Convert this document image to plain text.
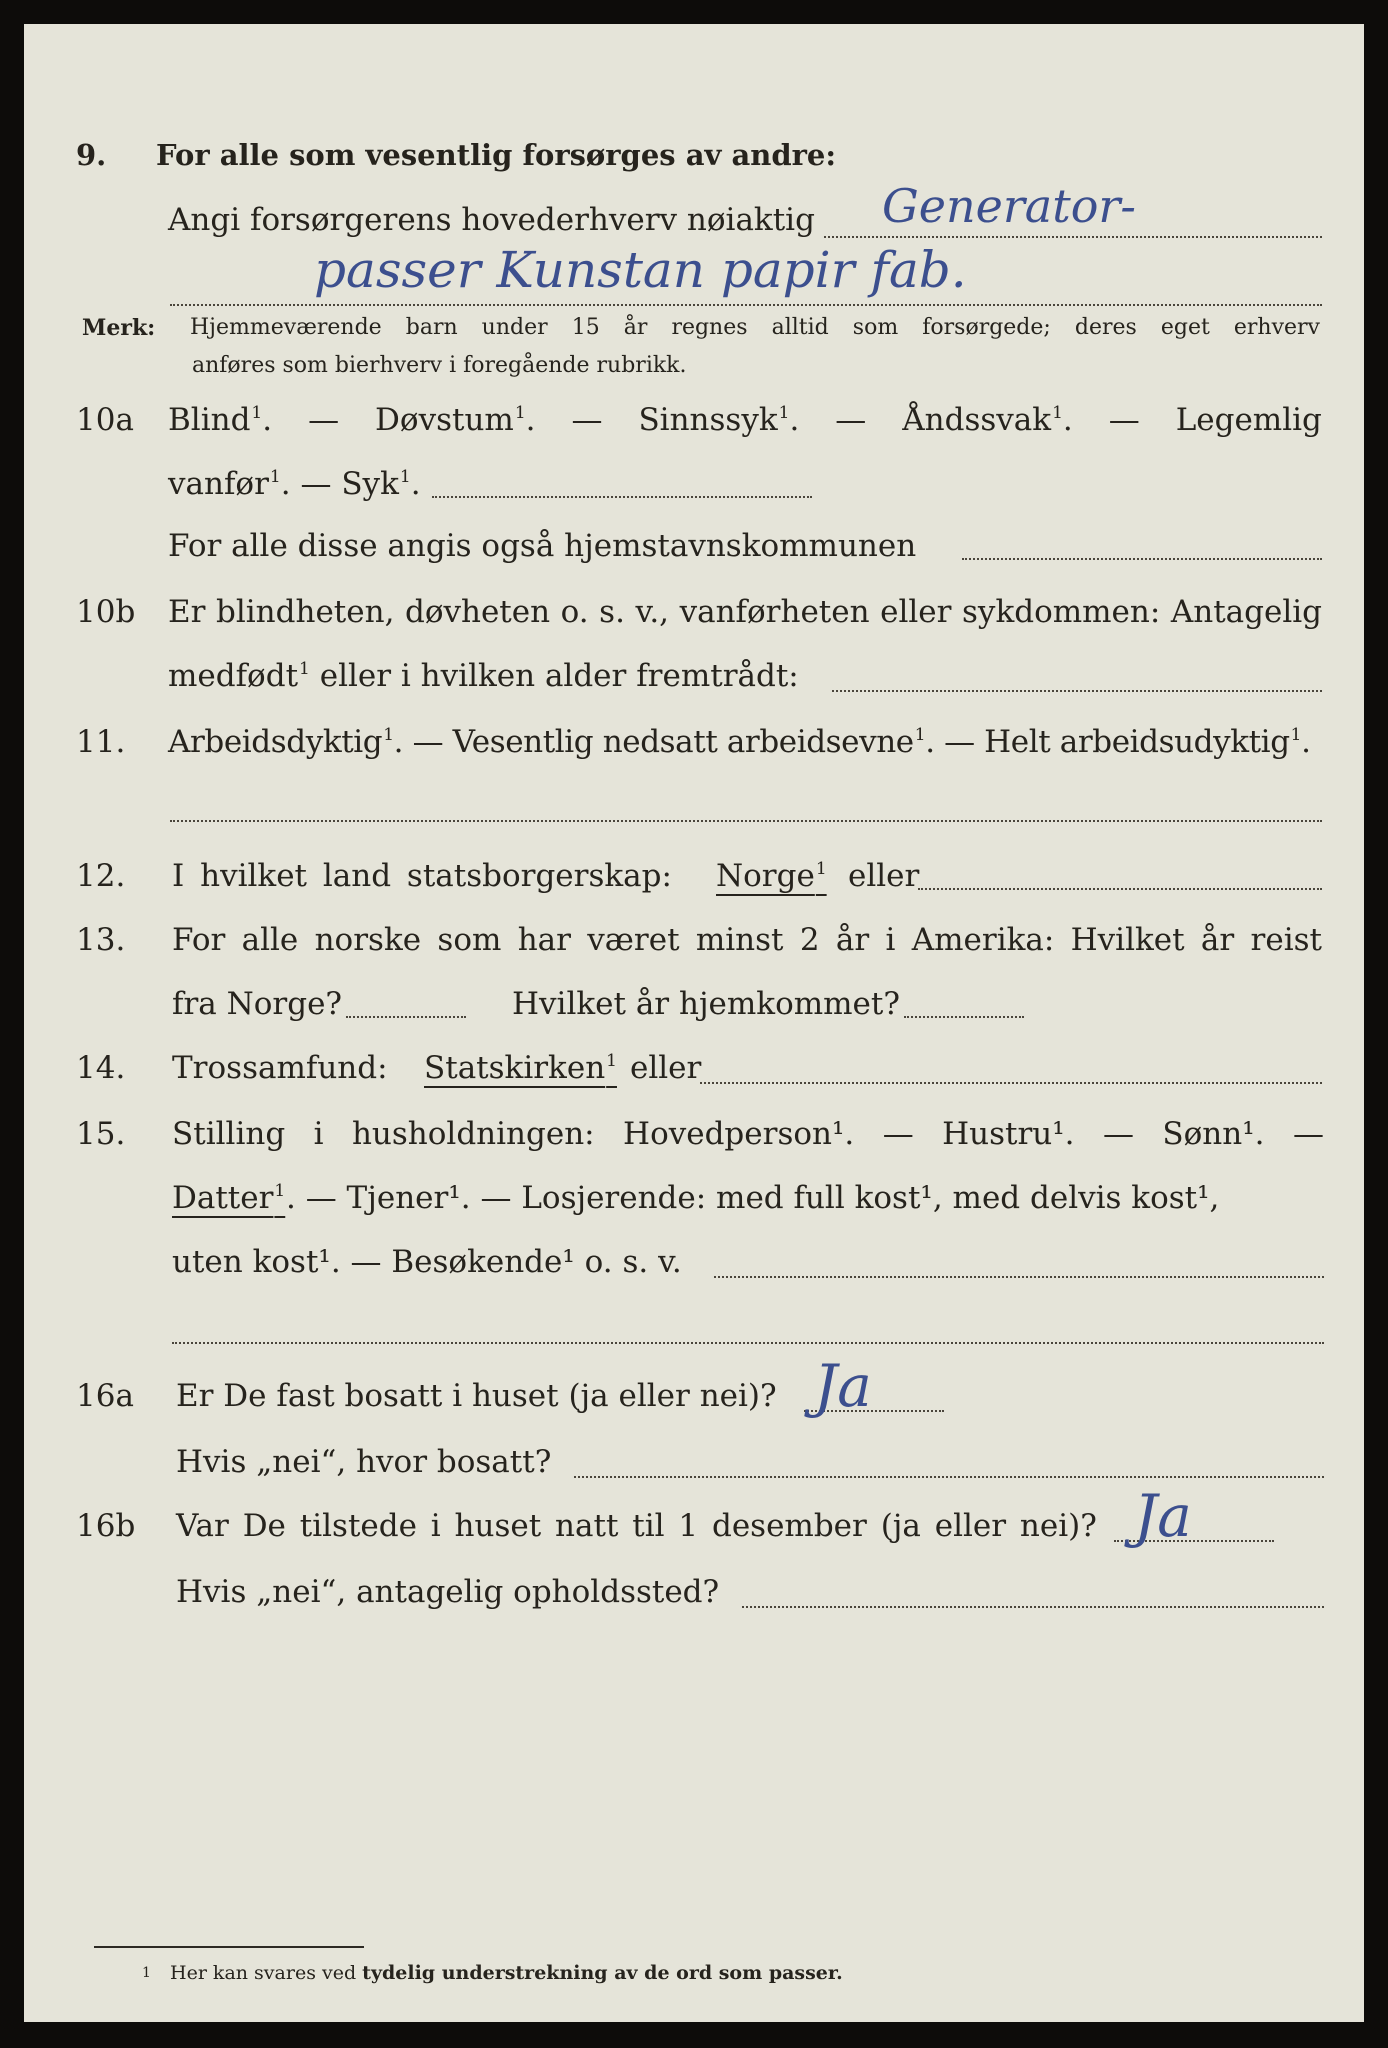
9. For alle som vesentlig forsørges av andre:
Angi forsørgerens hovederhverv nøiaktig Generator-
passer Kunstan papir fab.
Merk: Hjemmeværende barn under 15 år regnes alltid som forsørgede; deres eget erhverv
anføres som bierhverv i foregående rubrikk.
10a Blind$^1$. — Døvstum$^1$. — Sinnssyk$^1$. — Åndssvak$^1$. — Legemlig
vanfør$^1$. — Syk$^1$.
For alle disse angis også hjemstavnskommunen
10b Er blindheten, døvheten o. s. v., vanførheten eller sykdommen: Antagelig
medfødt$^1$ eller i hvilken alder fremtrådt:
11. Arbeidsdyktig$^1$. — Vesentlig nedsatt arbeidsevne$^1$. — Helt arbeidsudyktig$^1$.
12. I hvilket land statsborgerskap: Norge$^1$ eller
13. For alle norske som har været minst 2 år i Amerika: Hvilket år reist
fra Norge?	Hvilket år hjemkommet?
14. Trossamfund: Statskirken$^1$ eller
15. Stilling i husholdningen: Hovedperson¹. — Hustru¹. — Sønn¹. —
Datter$^1$ . — Tjener¹. — Losjerende: med full kost¹, med delvis kost¹,
uten kost¹. — Besøkende¹ o. s. v.
16a Er De fast bosatt i huset (ja eller nei)? Ja
Hvis „nei“, hvor bosatt?
16b Var De tilstede i huset natt til 1 desember (ja eller nei)? Ja
Hvis „nei“, antagelig opholdssted?
1 Her kan svares ved tydelig understrekning av de ord som passer.
